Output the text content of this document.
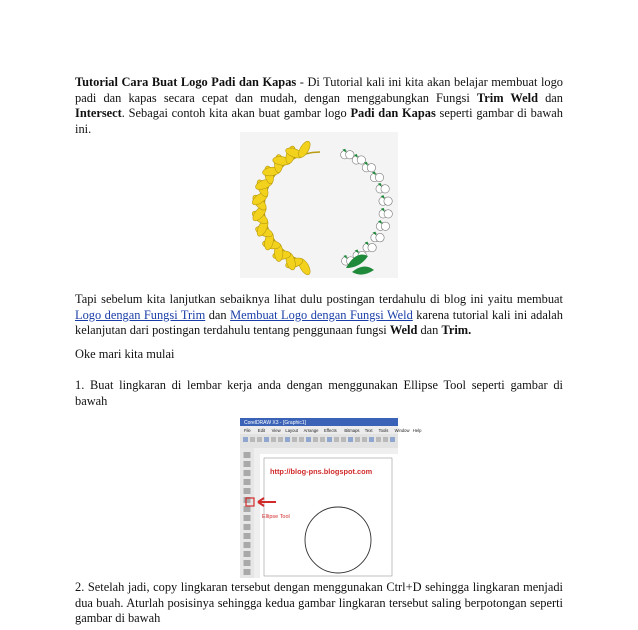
Tutorial Cara Buat Logo Padi dan Kapas - Di Tutorial kali ini kita akan belajar membuat logo padi dan kapas secara cepat dan mudah, dengan menggabungkan Fungsi Trim Weld dan Intersect. Sebagai contoh kita akan buat gambar logo Padi dan Kapas seperti gambar di bawah ini.

Tapi sebelum kita lanjutkan sebaiknya lihat dulu postingan terdahulu di blog ini yaitu membuat Logo dengan Fungsi Trim dan Membuat Logo dengan Fungsi Weld karena tutorial kali ini adalah kelanjutan dari postingan terdahulu tentang penggunaan fungsi Weld dan Trim.

Oke mari kita mulai

1. Buat lingkaran di lembar kerja anda dengan menggunakan Ellipse Tool seperti gambar di bawah

CorelDRAW X3 - [Graphic1]
File Edit View Layout Arrange Effects Bitmaps Text Tools Window Help
http://blog-pns.blogspot.com
Ellipse Tool

2. Setelah jadi, copy lingkaran tersebut dengan menggunakan Ctrl+D sehingga lingkaran menjadi dua buah. Aturlah posisinya sehingga kedua gambar lingkaran tersebut saling berpotongan seperti gambar di bawah
